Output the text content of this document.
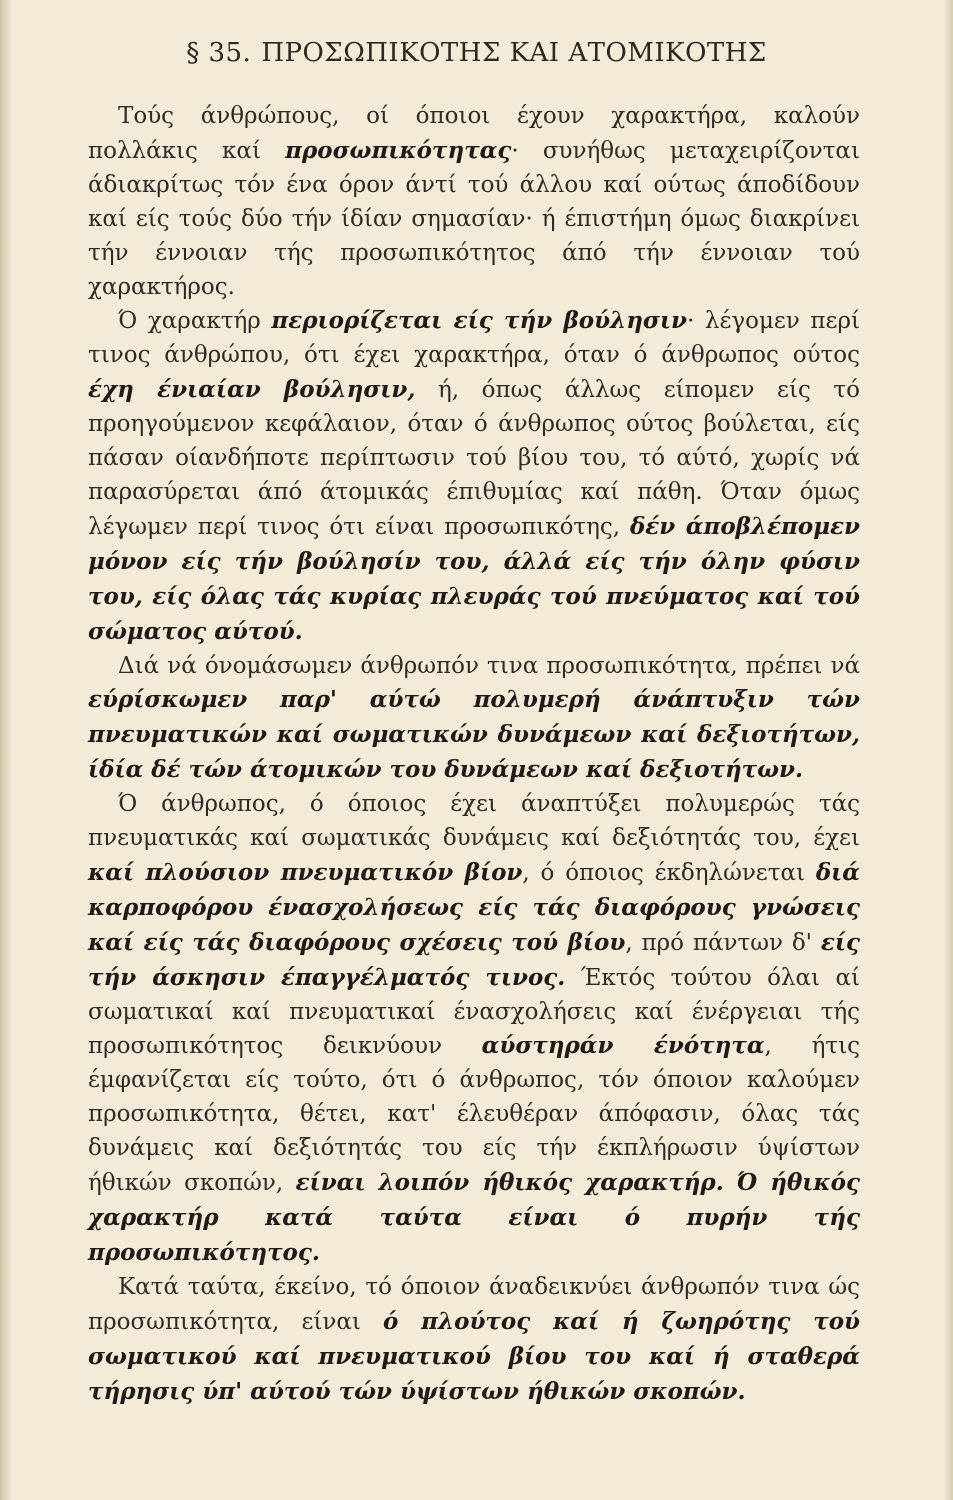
§ 35. ΠΡΟΣΩΠΙΚΟΤΗΣ ΚΑΙ ΑΤΟΜΙΚΟΤΗΣ

Τούς άνθρώπους, οί όποιοι έχουν χαρακτήρα, καλούν πολλάκις καί προσωπικότητας· συνήθως μεταχειρίζονται άδιακρίτως τόν ένα όρον άντί τού άλλου καί ούτως άποδίδουν καί είς τούς δύο τήν ίδίαν σημασίαν· ή έπιστήμη όμως διακρίνει τήν έννοιαν τής προσωπικότητος άπό τήν έννοιαν τού χαρακτήρος.

Ό χαρακτήρ περιορίζεται είς τήν βούλησιν· λέγομεν περί τινος άνθρώπου, ότι έχει χαρακτήρα, όταν ό άνθρωπος ούτος έχη ένιαίαν βούλησιν, ή, όπως άλλως είπομεν είς τό προηγούμενον κεφάλαιον, όταν ό άνθρωπος ούτος βούλεται, είς πάσαν οίανδήποτε περίπτωσιν τού βίου του, τό αύτό, χωρίς νά παρασύρεται άπό άτομικάς έπιθυμίας καί πάθη. Όταν όμως λέγωμεν περί τινος ότι είναι προσωπικότης, δέν άποβλέπομεν μόνον είς τήν βούλησίν του, άλλά είς τήν όλην φύσιν του, είς όλας τάς κυρίας πλευράς τού πνεύματος καί τού σώματος αύτού.

Διά νά όνομάσωμεν άνθρωπόν τινα προσωπικότητα, πρέπει νά εύρίσκωμεν παρ' αύτώ πολυμερή άνάπτυξιν τών πνευματικών καί σωματικών δυνάμεων καί δεξιοτήτων, ίδία δέ τών άτομικών του δυνάμεων καί δεξιοτήτων.

Ό άνθρωπος, ό όποιος έχει άναπτύξει πολυμερώς τάς πνευματικάς καί σωματικάς δυνάμεις καί δεξιότητάς του, έχει καί πλούσιον πνευματικόν βίον, ό όποιος έκδηλώνεται διά καρποφόρου ένασχολήσεως είς τάς διαφόρους γνώσεις καί είς τάς διαφόρους σχέσεις τού βίου, πρό πάντων δ' είς τήν άσκησιν έπαγγέλματός τινος. Έκτός τούτου όλαι αί σωματικαί καί πνευματικαί ένασχολήσεις καί ένέργειαι τής προσωπικότητος δεικνύουν αύστηράν ένότητα, ήτις έμφανίζεται είς τούτο, ότι ό άνθρωπος, τόν όποιον καλούμεν προσωπικότητα, θέτει, κατ' έλευθέραν άπόφασιν, όλας τάς δυνάμεις καί δεξιότητάς του είς τήν έκπλήρωσιν ύψίστων ήθικών σκοπών, είναι λοιπόν ήθικός χαρακτήρ. Ό ήθικός χαρακτήρ κατά ταύτα είναι ό πυρήν τής προσωπικότητος.

Κατά ταύτα, έκείνο, τό όποιον άναδεικνύει άνθρωπόν τινα ώς προσωπικότητα, είναι ό πλούτος καί ή ζωηρότης τού σωματικού καί πνευματικού βίου του καί ή σταθερά τήρησις ύπ' αύτού τών ύψίστων ήθικών σκοπών.
